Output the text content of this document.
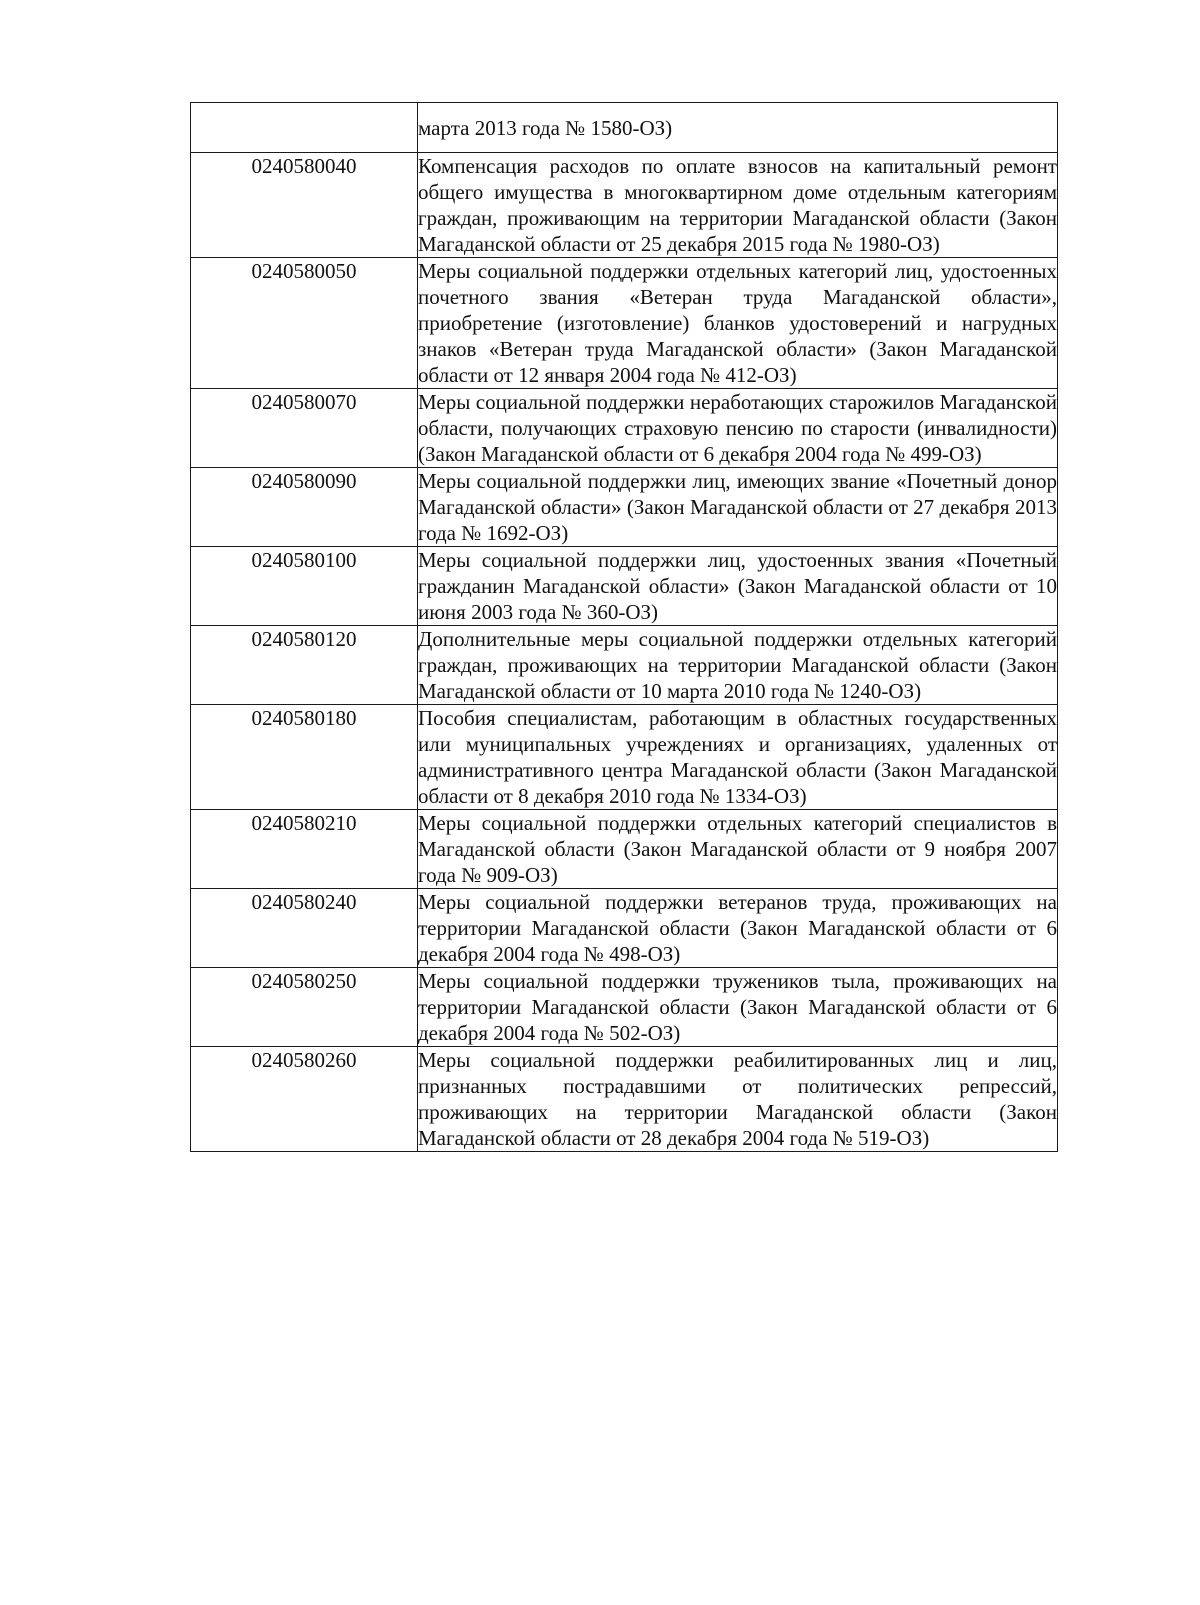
	марта 2013 года № 1580-ОЗ)
0240580040	Компенсация расходов по оплате взносов на капитальный ремонт общего имущества в многоквартирном доме отдельным категориям граждан, проживающим на территории Магаданской области (Закон Магаданской области от 25 декабря 2015 года № 1980-ОЗ)
0240580050	Меры социальной поддержки отдельных категорий лиц, удостоенных почетного звания «Ветеран труда Магаданской области», приобретение (изготовление) бланков удостоверений и нагрудных знаков «Ветеран труда Магаданской области» (Закон Магаданской области от 12 января 2004 года № 412-ОЗ)
0240580070	Меры социальной поддержки неработающих старожилов Магаданской области, получающих страховую пенсию по старости (инвалидности) (Закон Магаданской области от 6 декабря 2004 года № 499-ОЗ)
0240580090	Меры социальной поддержки лиц, имеющих звание «Почетный донор Магаданской области» (Закон Магаданской области от 27 декабря 2013 года № 1692-ОЗ)
0240580100	Меры социальной поддержки лиц, удостоенных звания «Почетный гражданин Магаданской области» (Закон Магаданской области от 10 июня 2003 года № 360-ОЗ)
0240580120	Дополнительные меры социальной поддержки отдельных категорий граждан, проживающих на территории Магаданской области (Закон Магаданской области от 10 марта 2010 года № 1240-ОЗ)
0240580180	Пособия специалистам, работающим в областных государственных или муниципальных учреждениях и организациях, удаленных от административного центра Магаданской области (Закон Магаданской области от 8 декабря 2010 года № 1334-ОЗ)
0240580210	Меры социальной поддержки отдельных категорий специалистов в Магаданской области (Закон Магаданской области от 9 ноября 2007 года № 909-ОЗ)
0240580240	Меры социальной поддержки ветеранов труда, проживающих на территории Магаданской области (Закон Магаданской области от 6 декабря 2004 года № 498-ОЗ)
0240580250	Меры социальной поддержки тружеников тыла, проживающих на территории Магаданской области (Закон Магаданской области от 6 декабря 2004 года № 502-ОЗ)
0240580260	Меры социальной поддержки реабилитированных лиц и лиц, признанных пострадавшими от политических репрессий, проживающих на территории Магаданской области (Закон Магаданской области от 28 декабря 2004 года № 519-ОЗ)
